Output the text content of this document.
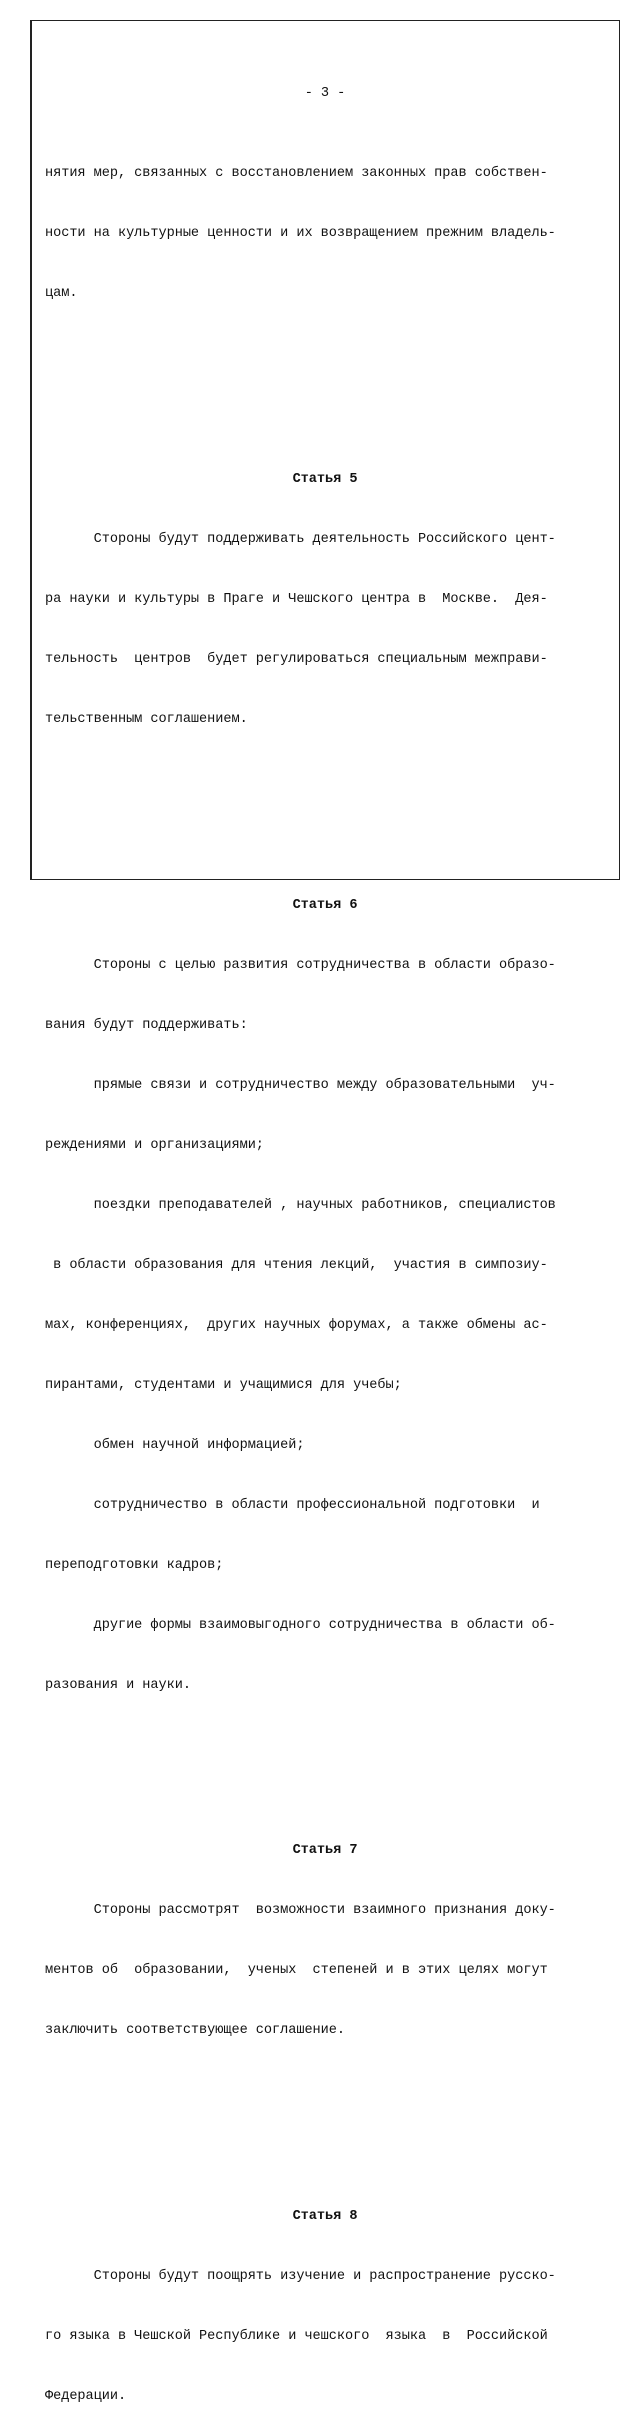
- 3 -

нятия мер, связанных с восстановлением законных прав собствен-

ности на культурные ценности и их возвращением прежним владель-

цам.

Статья 5

Стороны будут поддерживать деятельность Российского цент-

ра науки и культуры в Праге и Чешского центра в  Москве.  Дея-

тельность  центров  будет регулироваться специальным межправи-

тельственным соглашением.

Статья 6

Стороны с целью развития сотрудничества в области образо-

вания будут поддерживать:

прямые связи и сотрудничество между образовательными  уч-

реждениями и организациями;

поездки преподавателей , научных работников, специалистов

в области образования для чтения лекций,  участия в симпозиу-

мах, конференциях,  других научных форумах, а также обмены ас-

пирантами, студентами и учащимися для учебы;

обмен научной информацией;

сотрудничество в области профессиональной подготовки  и

переподготовки кадров;

другие формы взаимовыгодного сотрудничества в области об-

разования и науки.

Статья 7

Стороны рассмотрят  возможности взаимного признания доку-

ментов об  образовании,  ученых  степеней и в этих целях могут

заключить соответствующее соглашение.

Статья 8

Стороны будут поощрять изучение и распространение русско-

го языка в Чешской Республике и чешского  языка  в  Российской

Федерации.
